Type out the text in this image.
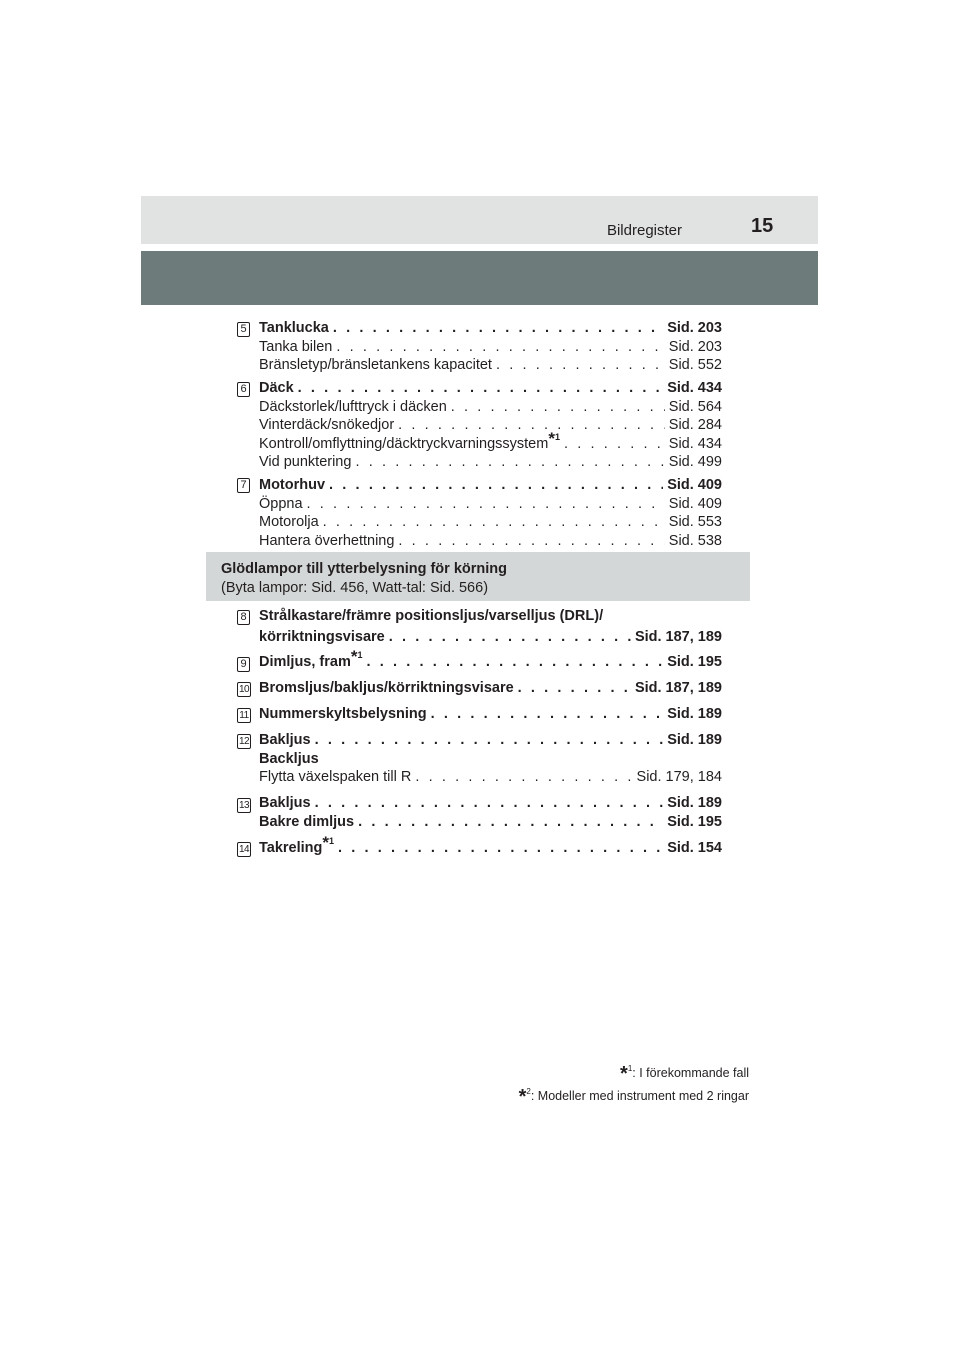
Bildregister	15
5 Tanklucka . . .	Sid. 203
Tanka bilen . . .	Sid. 203
Bränsletyp/bränsletankens kapacitet . . .	Sid. 552
6 Däck . . .	Sid. 434
Däckstorlek/lufttryck i däcken . . .	Sid. 564
Vinterdäck/snökedjor . . .	Sid. 284
Kontroll/omflyttning/däcktryckvarningssystem$^{*^1}$ . . .	Sid. 434
Vid punktering . . .	Sid. 499
7 Motorhuv . . .	Sid. 409
Öppna . . .	Sid. 409
Motorolja . . .	Sid. 553
Hantera överhettning . . .	Sid. 538
Glödlampor till ytterbelysning för körning
(Byta lampor: Sid. 456, Watt-tal: Sid. 566)
8 Strålkastare/främre positionsljus/varselljus (DRL)/
körriktningsvisare . . .	Sid. 187, 189
9 Dimljus, fram$^{*^1}$ . . .	Sid. 195
10 Bromsljus/bakljus/körriktningsvisare . . .	Sid. 187, 189
11 Nummerskyltsbelysning . . .	Sid. 189
12 Bakljus . . .	Sid. 189
Backljus
Flytta växelspaken till R . . .	Sid. 179, 184
13 Bakljus . . .	Sid. 189
Bakre dimljus . . .	Sid. 195
14 Takreling$^{*^1}$ . . .	Sid. 154
*$^1$: I förekommande fall
*$^2$: Modeller med instrument med 2 ringar
